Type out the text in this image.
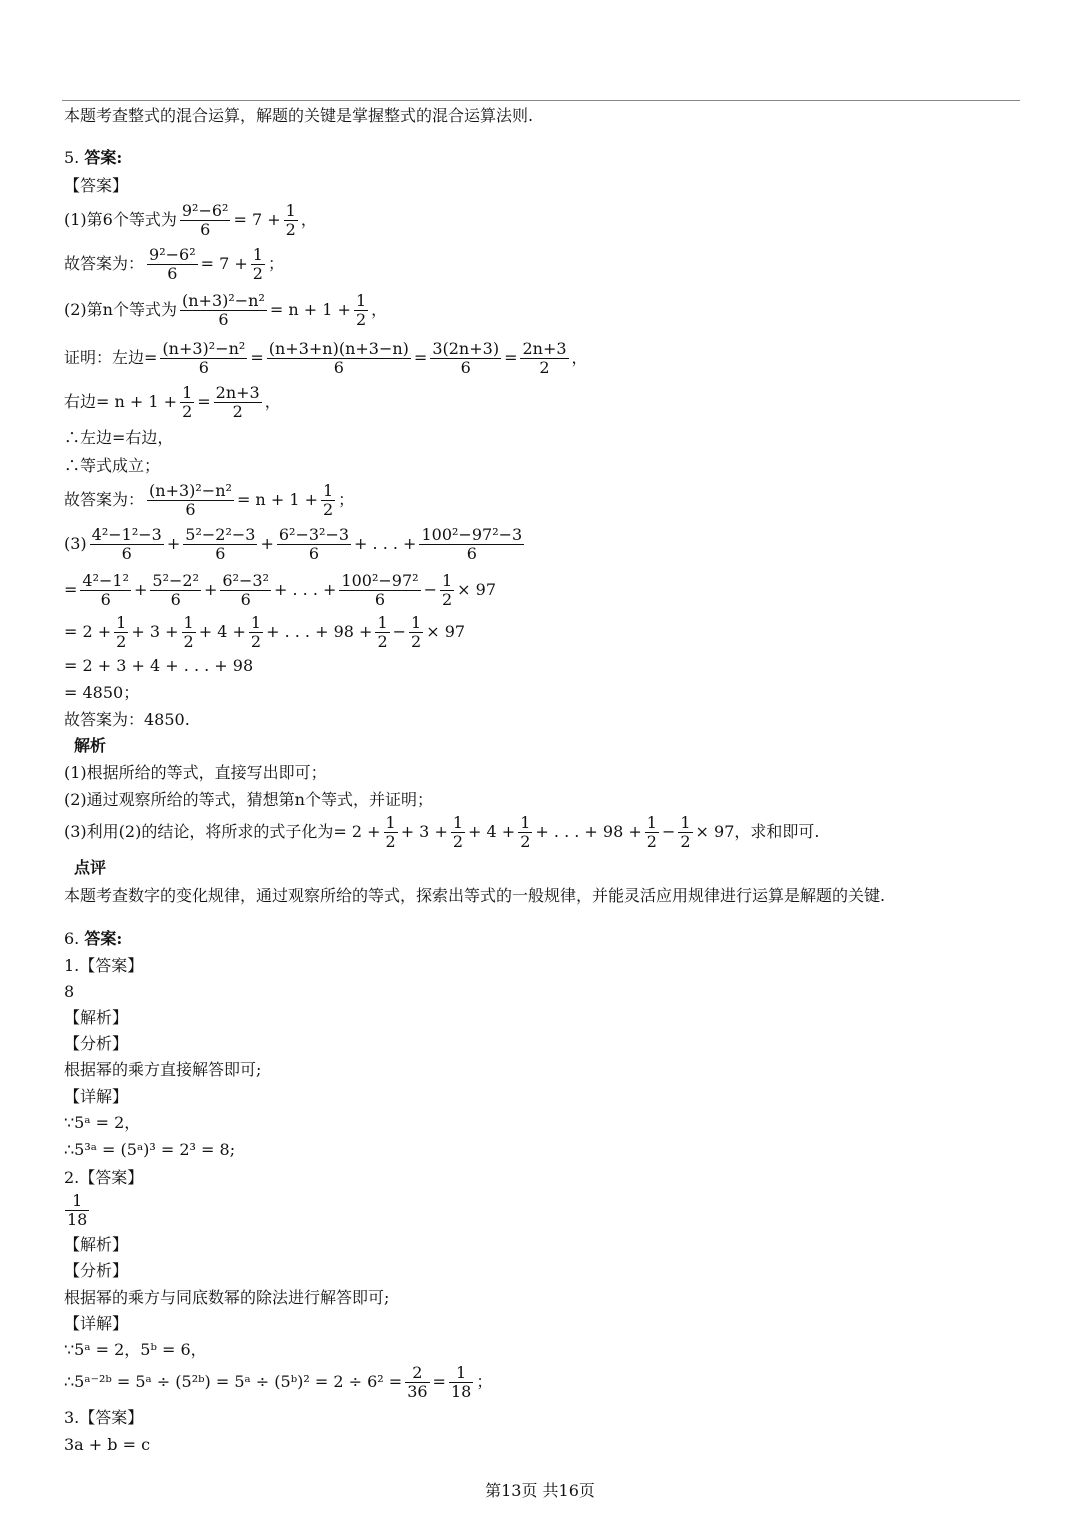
本题考查整式的混合运算，解题的关键是掌握整式的混合运算法则.
5. 答案:
【答案】
(1)第6个等式为 $\frac{\text{9²−6²}}{6} = 7 + \frac{1}{2}$ ，
故答案为： $\frac{\text{9²−6²}}{6} = 7 + \frac{1}{2}$ ；
(2)第n个等式为 $\frac{\text{(n+3)²−n²}}{6} = n + 1 + \frac{1}{2}$ ，
证明：左边= $\frac{\text{(n+3)²−n²}}{6} = \frac{(n+3+n)(n+3-n)}{6} = \frac{3(2n+3)}{6} = \frac{2n+3}{2}$ ，
右边= $n + 1 + \frac{1}{2} = \frac{2n+3}{2}$ ，
∴左边=右边，
∴等式成立；
故答案为： $\frac{\text{(n+3)²−n²}}{6} = n + 1 + \frac{1}{2}$ ；
$(3) \frac{\text{4²−1²−3}}{6} + \frac{\text{5²−2²−3}}{6} + \frac{\text{6²−3²−3}}{6}$ + . . . + $\frac{\text{100²−97²−3}}{6}$
= $\frac{\text{4²−1²}}{6} + \frac{\text{5²−2²}}{6} + \frac{\text{6²−3²}}{6}$ + . . . + $\frac{\text{100²−97²}}{6} - \frac{1}{2} \times 97$
= $2 + \frac{1}{2} + 3 + \frac{1}{2} + 4 + \frac{1}{2}$ + . . . + $98 + \frac{1}{2} - \frac{1}{2} \times 97$
= 2 + 3 + 4 + . . . + 98
= 4850；
故答案为：4850.
解析
(1)根据所给的等式，直接写出即可；
(2)通过观察所给的等式，猜想第n个等式，并证明；
(3)利用(2)的结论，将所求的式子化为= $2 + \frac{1}{2} + 3 + \frac{1}{2} + 4 + \frac{1}{2}$ + . . . + $98 + \frac{1}{2} - \frac{1}{2} \times 97$，求和即可.
点评
本题考查数字的变化规律，通过观察所给的等式，探索出等式的一般规律，并能灵活应用规律进行运算是解题的关键.
6. 答案:
1.【答案】
8
【解析】
【分析】
根据幂的乘方直接解答即可;
【详解】
∵5ᵃ = 2，
∴5³ᵃ = (5ᵃ)³ = 2³ = 8;
2.【答案】
$\frac{1}{18}$
【解析】
【分析】
根据幂的乘方与同底数幂的除法进行解答即可;
【详解】
∵5ᵃ = 2，5ᵇ = 6，
∴5ᵃ⁻²ᵇ = 5ᵃ ÷ (5²ᵇ) = 5ᵃ ÷ (5ᵇ)² = $2 \div 6^2 = \frac{2}{36} = \frac{1}{18}$ ；
3.【答案】
3a + b = c
第13页 共16页
